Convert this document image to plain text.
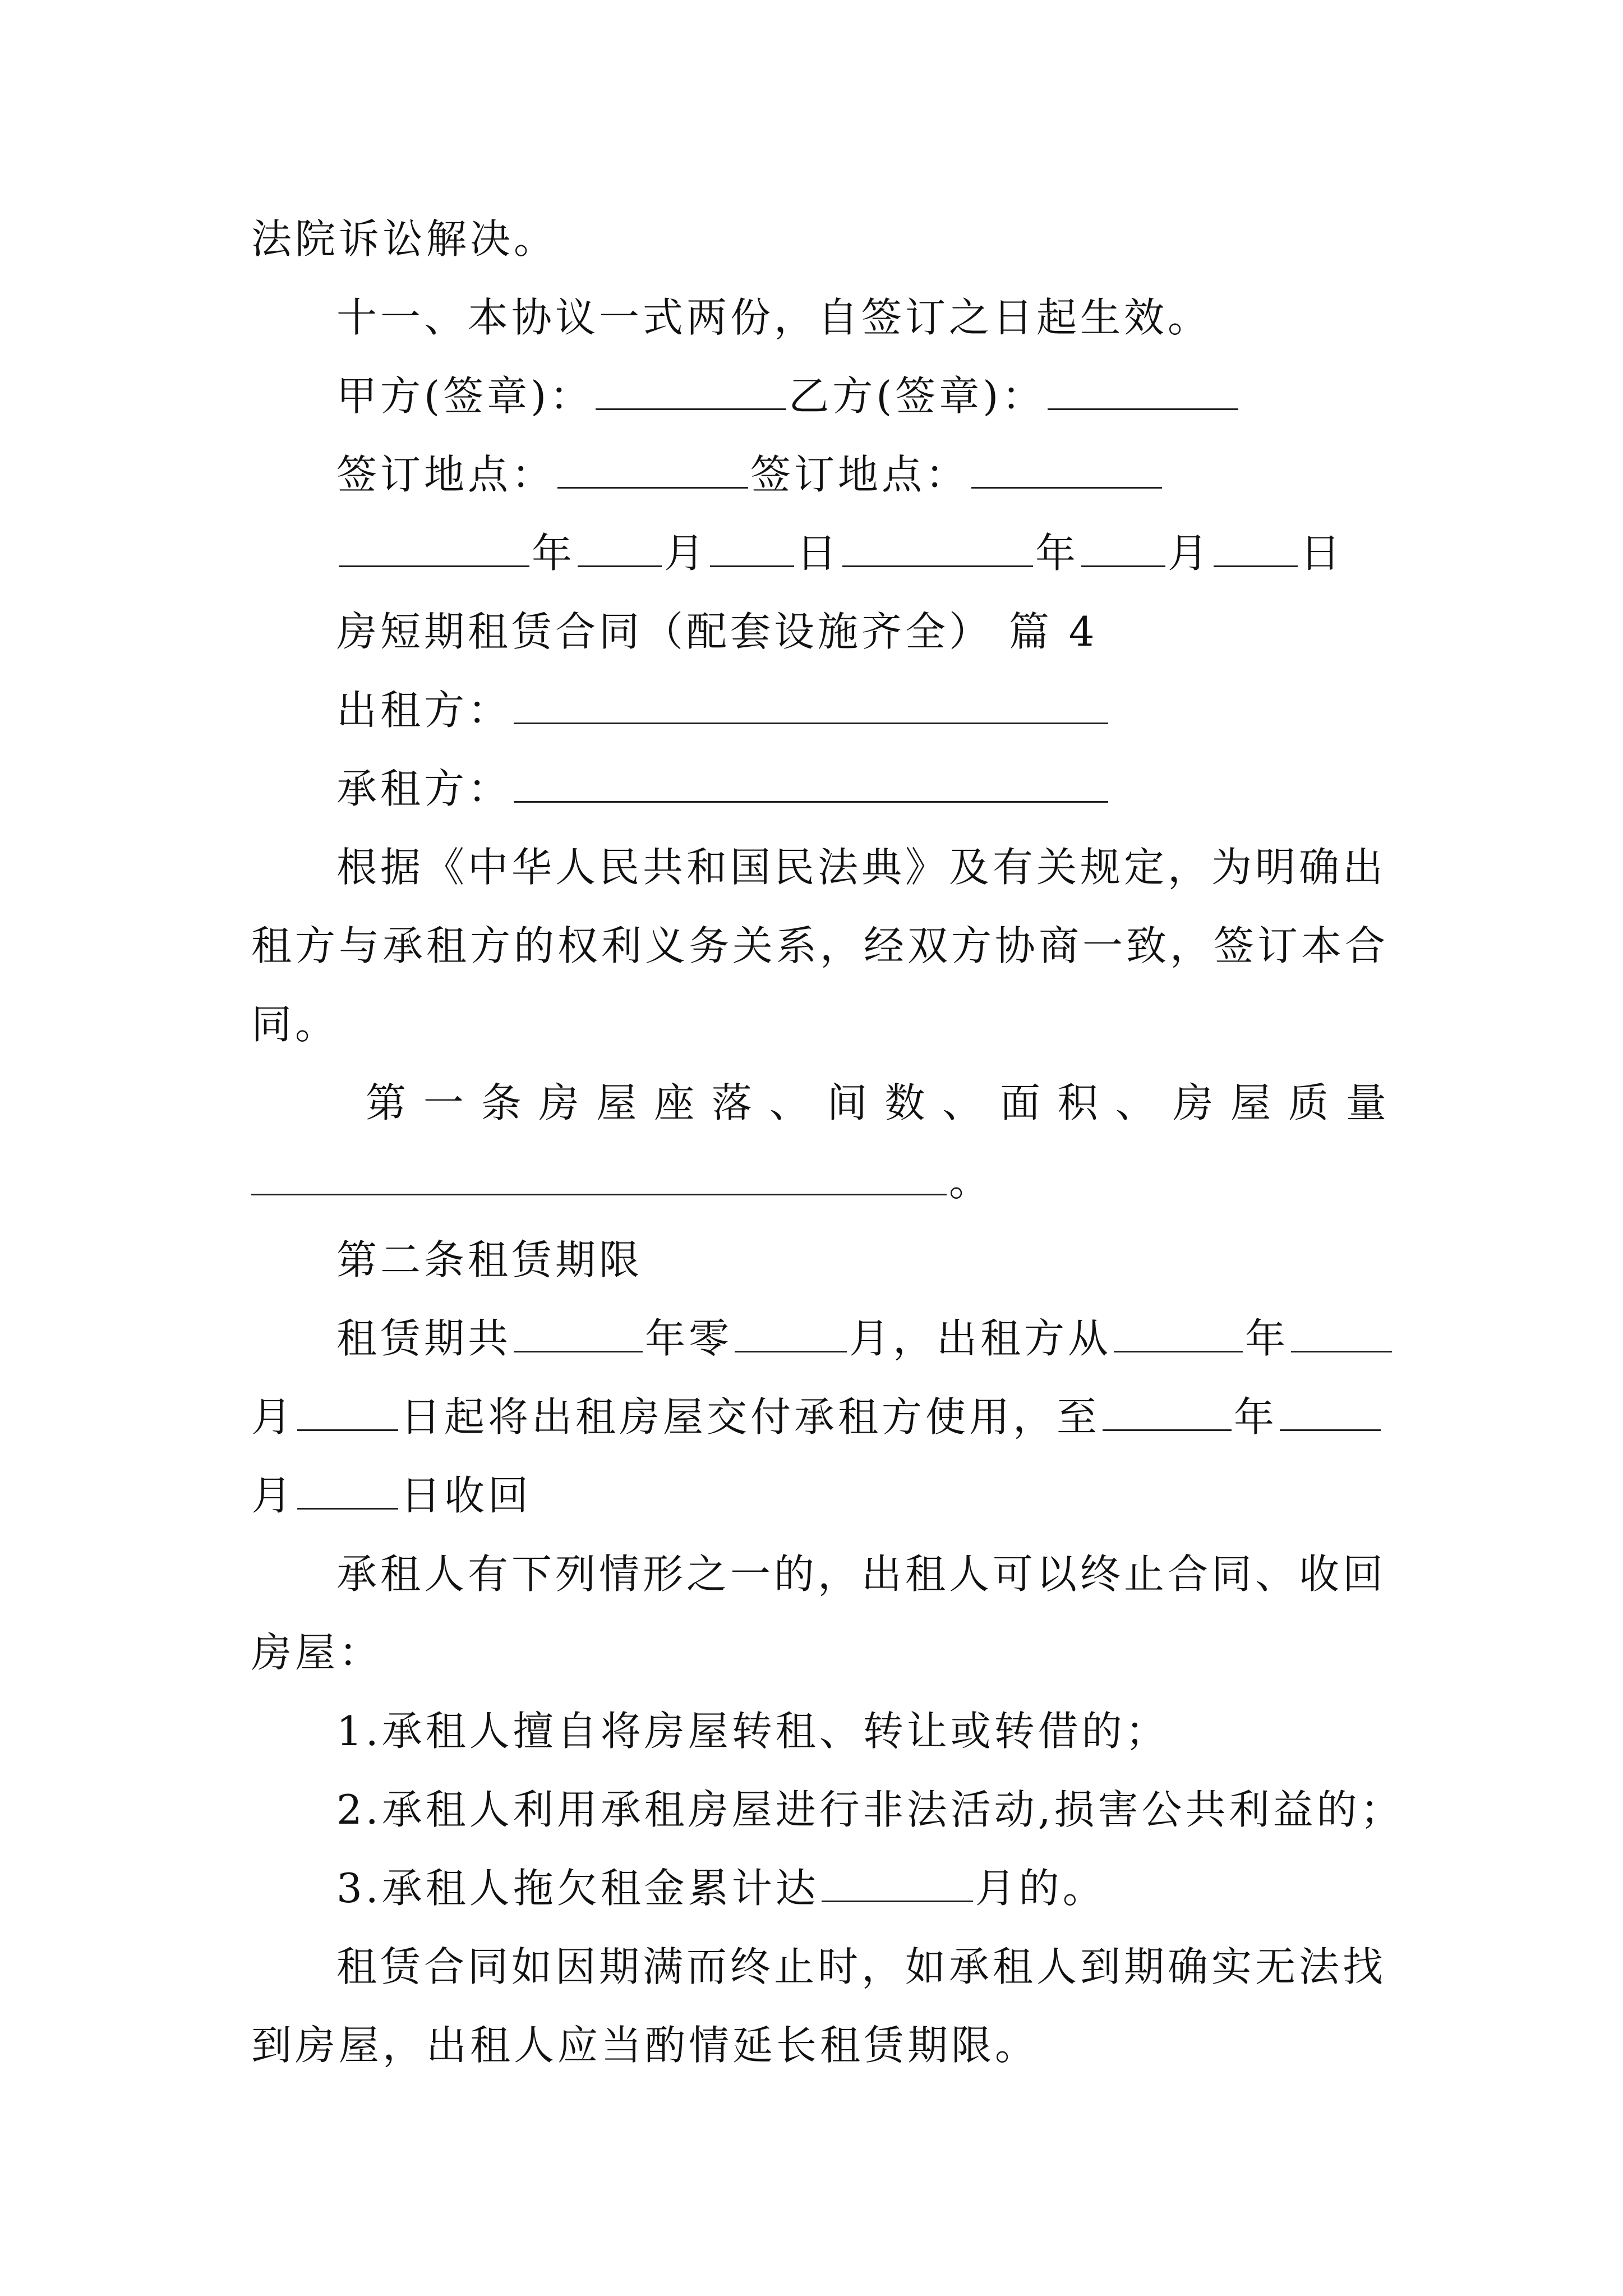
法院诉讼解决。
十一、本协议一式两份，自签订之日起生效。
甲方(签章)：	乙方(签章)：
签订地点：	签订地点：
年 月 日	年 月 日
房短期租赁合同（配套设施齐全） 篇 4
出租方：
承租方：
根据《中华人民共和国民法典》及有关规定，为明确出
租方与承租方的权利义务关系，经双方协商一致，签订本合
同。
第 一 条 房 屋 座 落 、 间 数 、 面 积 、 房 屋 质 量
。
第二条租赁期限
租赁期共	年零	月，出租方从	年
月	日起将出租房屋交付承租方使用，至	年
月	日收回
承租人有下列情形之一的，出租人可以终止合同、收回
房屋：
1.承租人擅自将房屋转租、转让或转借的；
2.承租人利用承租房屋进行非法活动,损害公共利益的；
3.承租人拖欠租金累计达	月的。
租赁合同如因期满而终止时，如承租人到期确实无法找
到房屋，出租人应当酌情延长租赁期限。
